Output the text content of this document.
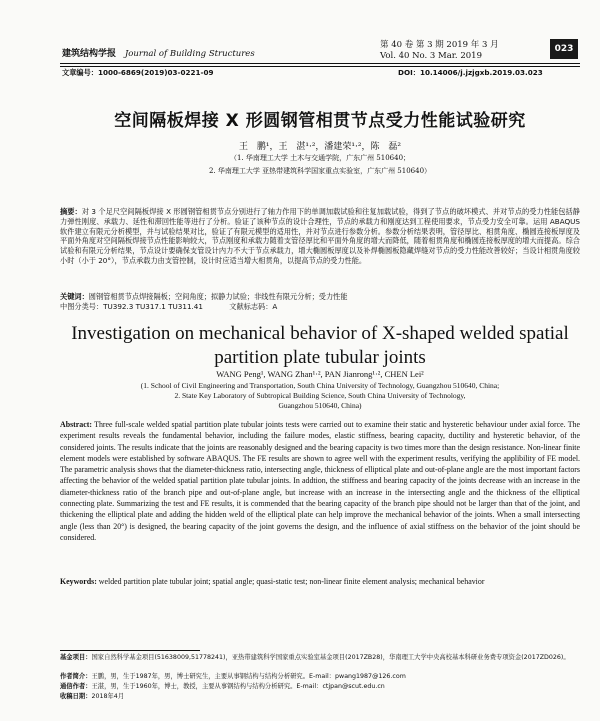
建筑结构学报 Journal of Building Structures
第 40 卷 第 3 期 2019 年 3 月
Vol. 40 No. 3 Mar. 2019
023
文章编号：1000-6869(2019)03-0221-09	DOI：10.14006/j.jzjgxb.2019.03.023
空间隔板焊接 X 形圆钢管相贯节点受力性能试验研究
王 鹏¹，王 湛¹·²，潘建荣¹·²，陈 磊²
（1. 华南理工大学 土木与交通学院，广东广州 510640；
2. 华南理工大学 亚热带建筑科学国家重点实验室，广东广州 510640）
摘要：对 3 个足尺空间隔板焊接 X 形圆钢管相贯节点分别进行了轴力作用下的单调加载试验和往复加载试验，得到了节点的破坏模式、并对节点的受力性能包括静力弹性刚度、承载力、延性和滞回性能等进行了分析。验证了该种节点的设计合理性，节点的承载力和刚度达到工程使用要求，节点受力安全可靠。运用 ABAQUS 软件建立有限元分析模型，并与试验结果对比，验证了有限元模型的适用性，并对节点进行参数分析。参数分析结果表明，管径厚比、相贯角度、椭圆连接板厚度及平面外角度对空间隔板焊接节点性能影响较大，节点刚度和承载力随着支管径厚比和平面外角度的增大而降低，随着相贯角度和椭圆连接板厚度的增大而提高。综合试验和有限元分析结果，节点设计要确保支管设计内力不大于节点承载力，增大椭圆板厚度以及补焊椭圆板隐藏焊缝对节点的受力性能改善较好；当设计相贯角度较小时（小于 20°），节点承载力由支管控制，设计时应适当增大相贯角，以提高节点的受力性能。
关键词：圆钢管相贯节点焊接隔板；空间角度；拟静力试验；非线性有限元分析；受力性能
中图分类号：TU392.3 TU317.1 TU311.41	文献标志码：A
Investigation on mechanical behavior of X-shaped welded spatial partition plate tubular joints
WANG Peng¹, WANG Zhan¹·², PAN Jianrong¹·², CHEN Lei²
(1. School of Civil Engineering and Transportation, South China University of Technology, Guangzhou 510640, China;
2. State Key Laboratory of Subtropical Building Science, South China University of Technology,
Guangzhou 510640, China)
Abstract: Three full-scale welded spatial partition plate tubular joints tests were carried out to examine their static and hysteretic behaviour under axial force. The experiment results reveals the fundamental behavior, including the failure modes, elastic stiffness, bearing capacity, ductility and hysteretic behavior, of the considered joints. The results indicate that the joints are reasonably designed and the bearing capacity is two times more than the design resistance. Non-linear finite element models were established by software ABAQUS. The FE results are shown to agree well with the experiment results, verifying the applibility of FE model. The parametric analysis shows that the diameter-thickness ratio, intersecting angle, thickness of elliptical plate and out-of-plane angle are the most important factors affecting the behavior of the welded spatial partition plate tubular joints. In addtion, the stiffness and bearing capacity of the joints decrease with an increase in the diameter-thickness ratio of the branch pipe and out-of-plane angle, but increase with an increase in the intersecting angle and the thickness of the elliptical connecting plate. Summarizing the test and FE results, it is commended that the bearing capacity of the branch pipe should not be larger than that of the joint, and thickening the elliptical plate and adding the hidden weld of the elliptical plate can help improve the mechanical behavior of the joints. When a small intersecting angle (less than 20°) is designed, the bearing capacity of the joint governs the design, and the influence of axial stiffness on the behavior of the joint should be considered.
Keywords: welded partition plate tubular joint; spatial angle; quasi-static test; non-linear finite element analysis; mechanical behavior
基金项目：国家自然科学基金项目(51638009,51778241)，亚热带建筑科学国家重点实验室基金项目(2017ZB28)，华南理工大学中央高校基本科研业务费专项资金(2017ZD026)。
作者简介：王鹏，男，生于1987年，男，博士研究生，主要从事钢结构与结构分析研究。E-mail：pwang1987@126.com
通信作者：王湛，男，生于1960年，博士，教授，主要从事钢结构与结构分析研究。E-mail：ctjpan@scut.edu.cn
收稿日期：2018年4月
